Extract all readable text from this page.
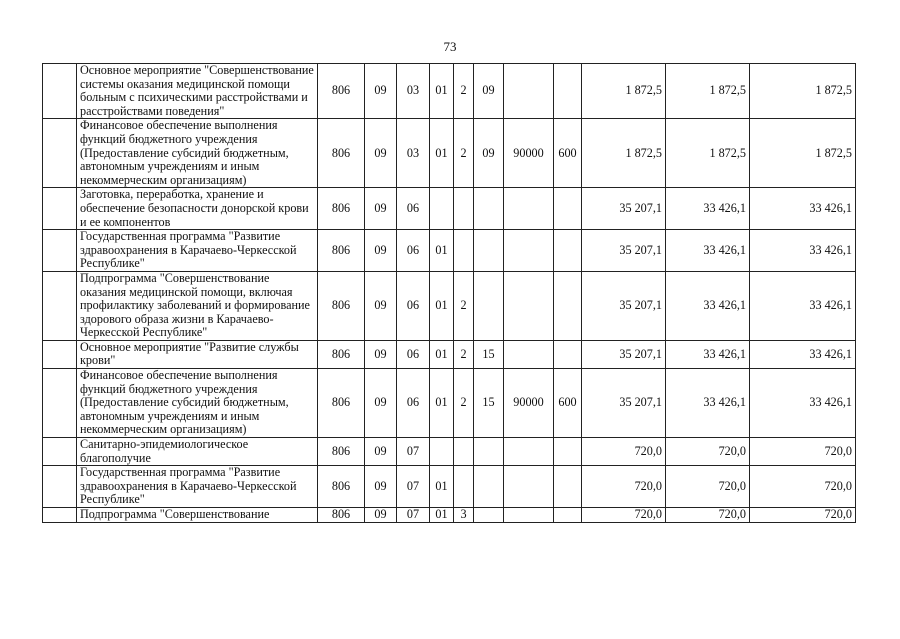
73
	Основное мероприятие "Совершенствование системы оказания медицинской помощи больным с психическими расстройствами и расстройствами поведения"	806	09	03	01	2	09			1 872,5	1 872,5	1 872,5
	Финансовое обеспечение выполнения функций бюджетного учреждения (Предоставление субсидий бюджетным, автономным учреждениям и иным некоммерческим организациям)	806	09	03	01	2	09	90000	600	1 872,5	1 872,5	1 872,5
	Заготовка, переработка, хранение и обеспечение безопасности донорской крови и ее компонентов	806	09	06						35 207,1	33 426,1	33 426,1
	Государственная программа "Развитие здравоохранения в Карачаево-Черкесской Республике"	806	09	06	01					35 207,1	33 426,1	33 426,1
	Подпрограмма "Совершенствование оказания медицинской помощи, включая профилактику заболеваний и формирование здорового образа жизни в Карачаево-Черкесской Республике"	806	09	06	01	2				35 207,1	33 426,1	33 426,1
	Основное мероприятие "Развитие службы крови"	806	09	06	01	2	15			35 207,1	33 426,1	33 426,1
	Финансовое обеспечение выполнения функций бюджетного учреждения (Предоставление субсидий бюджетным, автономным учреждениям и иным некоммерческим организациям)	806	09	06	01	2	15	90000	600	35 207,1	33 426,1	33 426,1
	Санитарно-эпидемиологическое благополучие	806	09	07						720,0	720,0	720,0
	Государственная программа "Развитие здравоохранения в Карачаево-Черкесской Республике"	806	09	07	01					720,0	720,0	720,0
	Подпрограмма "Совершенствование	806	09	07	01	3				720,0	720,0	720,0
